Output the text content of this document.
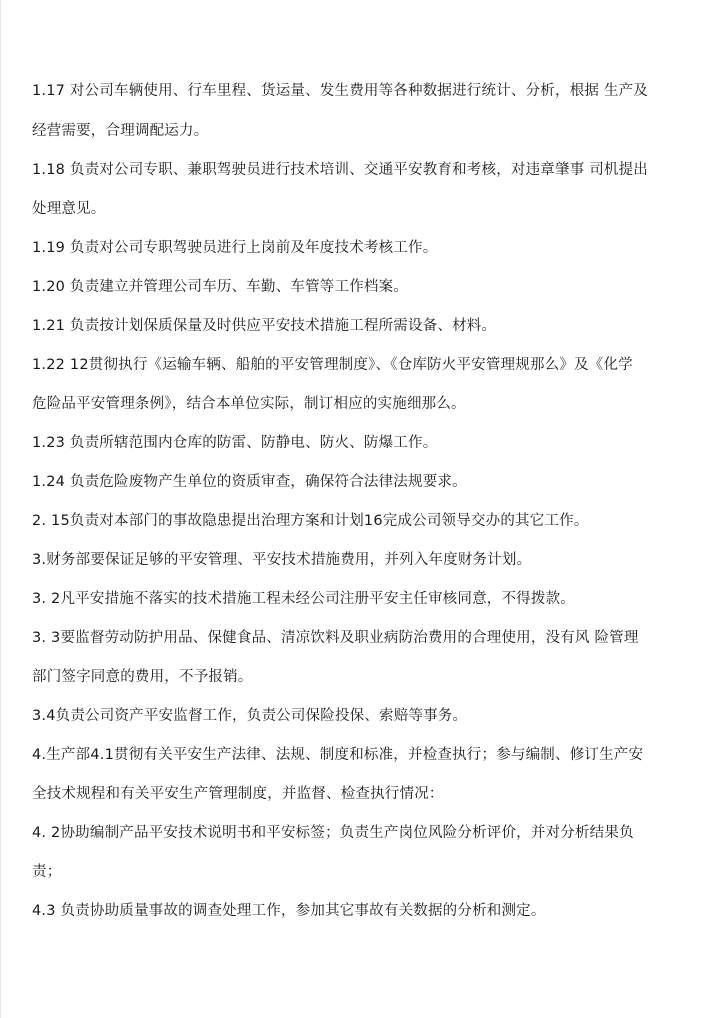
1.17 对公司车辆使用、行车里程、货运量、发生费用等各种数据进行统计、分析，根据 生产及
经营需要，合理调配运力。
1.18 负责对公司专职、兼职驾驶员进行技术培训、交通平安教育和考核，对违章肇事 司机提出
处理意见。
1.19 负责对公司专职驾驶员进行上岗前及年度技术考核工作。
1.20 负责建立并管理公司车历、车勤、车管等工作档案。
1.21 负责按计划保质保量及时供应平安技术措施工程所需设备、材料。
1.22 12贯彻执行《运输车辆、船舶的平安管理制度》、《仓库防火平安管理规那么》及《化学
危险品平安管理条例》，结合本单位实际，制订相应的实施细那么。
1.23 负责所辖范围内仓库的防雷、防静电、防火、防爆工作。
1.24 负责危险废物产生单位的资质审查，确保符合法律法规要求。
2. 15负责对本部门的事故隐患提出治理方案和计划16完成公司领导交办的其它工作。
3.财务部要保证足够的平安管理、平安技术措施费用，并列入年度财务计划。
3. 2凡平安措施不落实的技术措施工程未经公司注册平安主任审核同意，不得拨款。
3. 3要监督劳动防护用品、保健食品、清凉饮料及职业病防治费用的合理使用，没有风 险管理
部门签字同意的费用，不予报销。
3.4负责公司资产平安监督工作，负责公司保险投保、索赔等事务。
4.生产部4.1贯彻有关平安生产法律、法规、制度和标准，并检查执行；参与编制、修订生产安
全技术规程和有关平安生产管理制度，并监督、检查执行情况：
4. 2协助编制产品平安技术说明书和平安标签；负责生产岗位风险分析评价，并对分析结果负
责；
4.3 负责协助质量事故的调查处理工作，参加其它事故有关数据的分析和测定。
